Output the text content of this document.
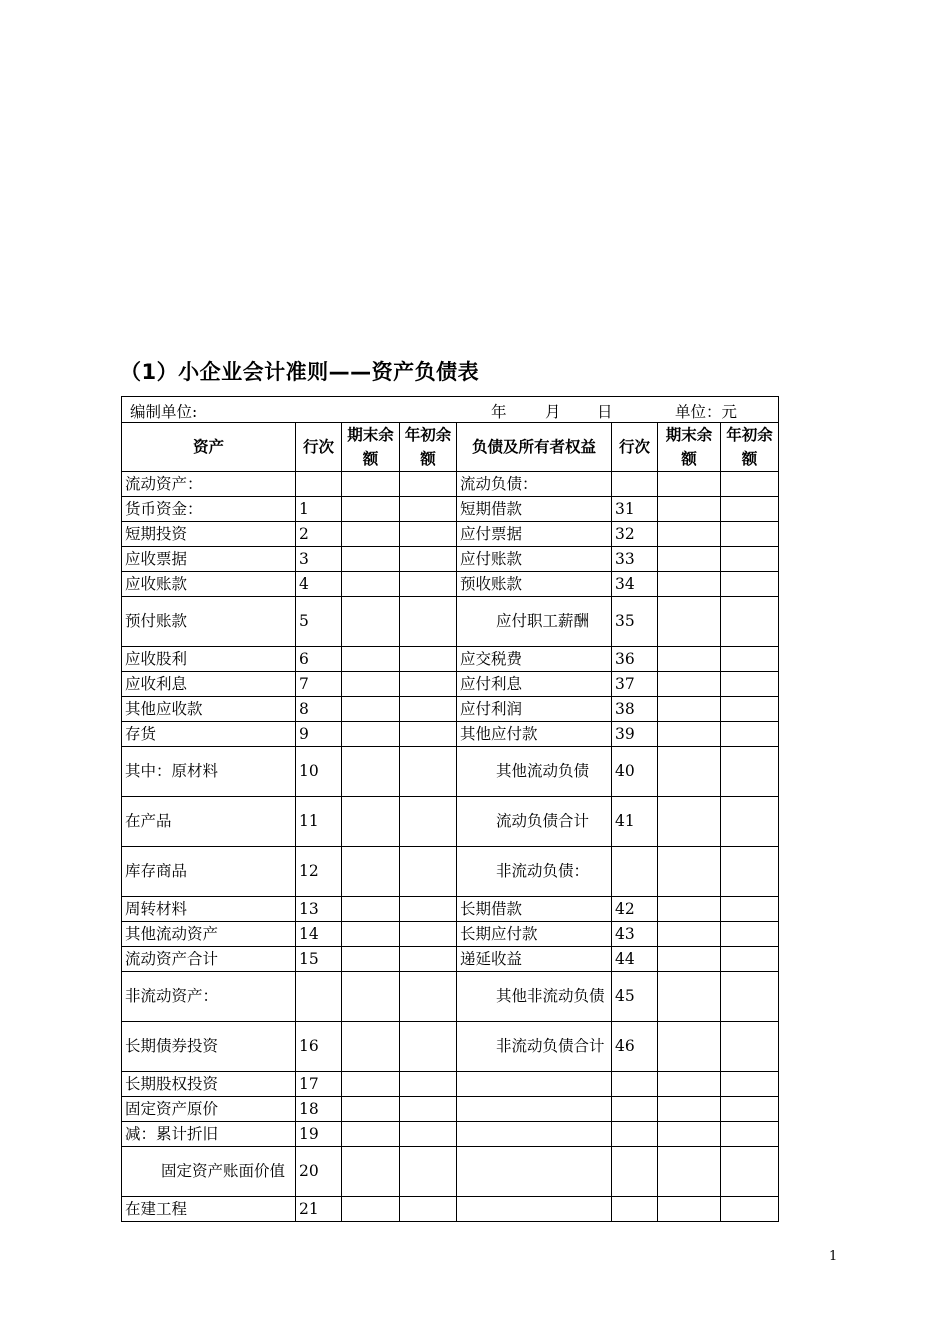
（1）小企业会计准则——资产负债表
编制单位: 年 月 日 单位：元							

资产	行次	期末余额	年初余额	负债及所有者权益	行次	期末余额	年初余额
流动资产：				流动负债：			
货币资金：	1			短期借款	31		
短期投资	2			应付票据	32		
应收票据	3			应付账款	33		
应收账款	4			预收账款	34		
预付账款	5			应付职工薪酬	35		
应收股利	6			应交税费	36		
应收利息	7			应付利息	37		
其他应收款	8			应付利润	38		
存货	9			其他应付款	39		
其中：原材料	10			其他流动负债	40		
在产品	11			流动负债合计	41		
库存商品	12			非流动负债：			
周转材料	13			长期借款	42		
其他流动资产	14			长期应付款	43		
流动资产合计	15			递延收益	44		
非流动资产：				其他非流动负债	45		
长期债券投资	16			非流动负债合计	46		
长期股权投资	17						
固定资产原价	18						
减：累计折旧	19						
固定资产账面价值	20						
在建工程	21						
1
